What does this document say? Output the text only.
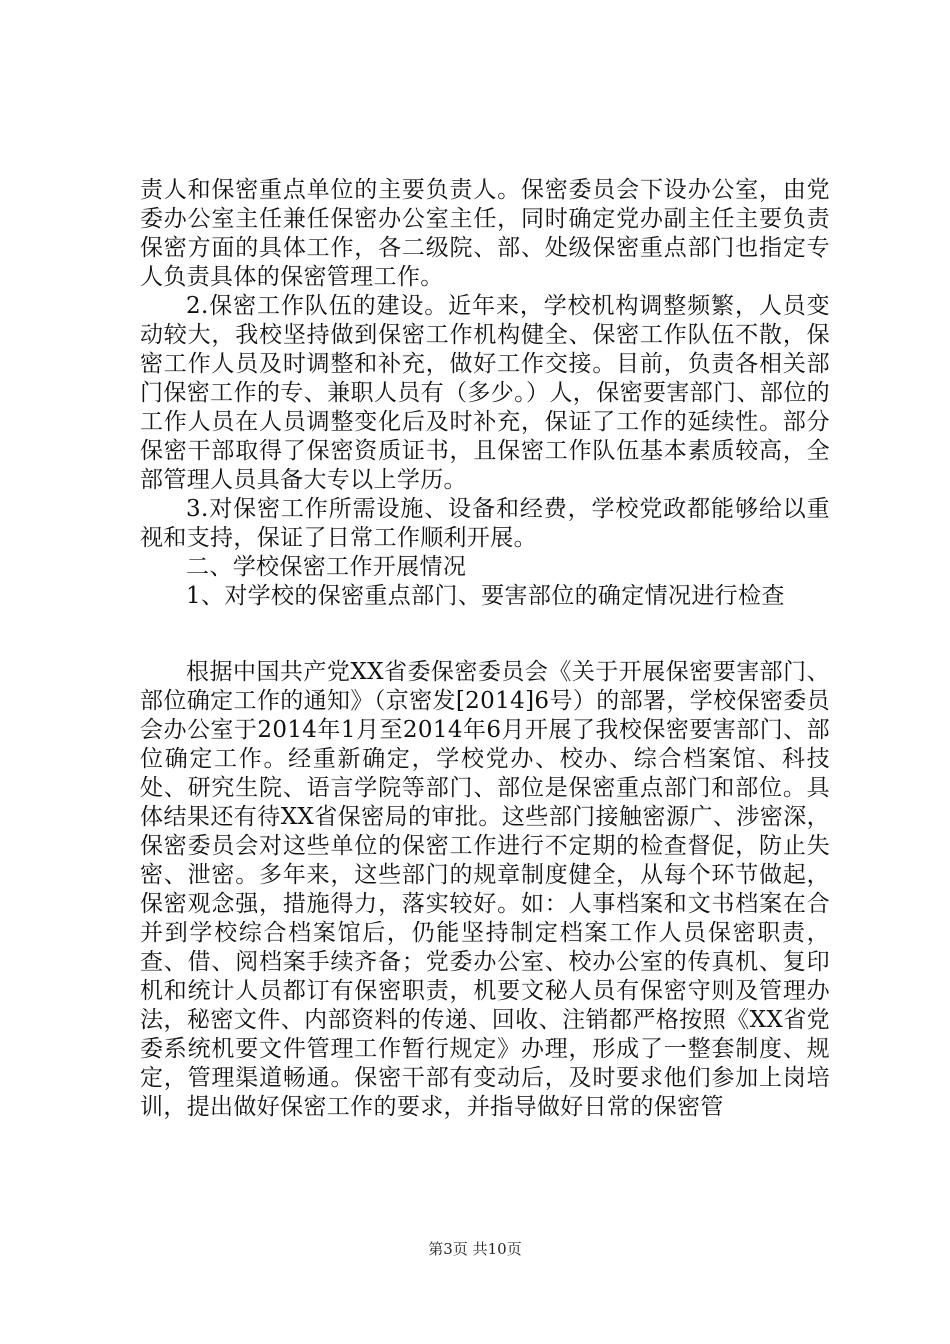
责人和保密重点单位的主要负责人。保密委员会下设办公室，由党委办公室主任兼任保密办公室主任，同时确定党办副主任主要负责保密方面的具体工作，各二级院、部、处级保密重点部门也指定专人负责具体的保密管理工作。

2.保密工作队伍的建设。近年来，学校机构调整频繁，人员变动较大，我校坚持做到保密工作机构健全、保密工作队伍不散，保密工作人员及时调整和补充，做好工作交接。目前，负责各相关部门保密工作的专、兼职人员有（多少。）人，保密要害部门、部位的工作人员在人员调整变化后及时补充，保证了工作的延续性。部分保密干部取得了保密资质证书，且保密工作队伍基本素质较高，全部管理人员具备大专以上学历。

3.对保密工作所需设施、设备和经费，学校党政都能够给以重视和支持，保证了日常工作顺利开展。

二、学校保密工作开展情况

1、对学校的保密重点部门、要害部位的确定情况进行检查

根据中国共产党XX省委保密委员会《关于开展保密要害部门、部位确定工作的通知》（京密发[2014]6号）的部署，学校保密委员会办公室于2014年1月至2014年6月开展了我校保密要害部门、部位确定工作。经重新确定，学校党办、校办、综合档案馆、科技处、研究生院、语言学院等部门、部位是保密重点部门和部位。具体结果还有待XX省保密局的审批。这些部门接触密源广、涉密深，保密委员会对这些单位的保密工作进行不定期的检查督促，防止失密、泄密。多年来，这些部门的规章制度健全，从每个环节做起，保密观念强，措施得力，落实较好。如：人事档案和文书档案在合并到学校综合档案馆后，仍能坚持制定档案工作人员保密职责，查、借、阅档案手续齐备；党委办公室、校办公室的传真机、复印机和统计人员都订有保密职责，机要文秘人员有保密守则及管理办法，秘密文件、内部资料的传递、回收、注销都严格按照《XX省党委系统机要文件管理工作暂行规定》办理，形成了一整套制度、规定，管理渠道畅通。保密干部有变动后，及时要求他们参加上岗培训，提出做好保密工作的要求，并指导做好日常的保密管

第3页 共10页
